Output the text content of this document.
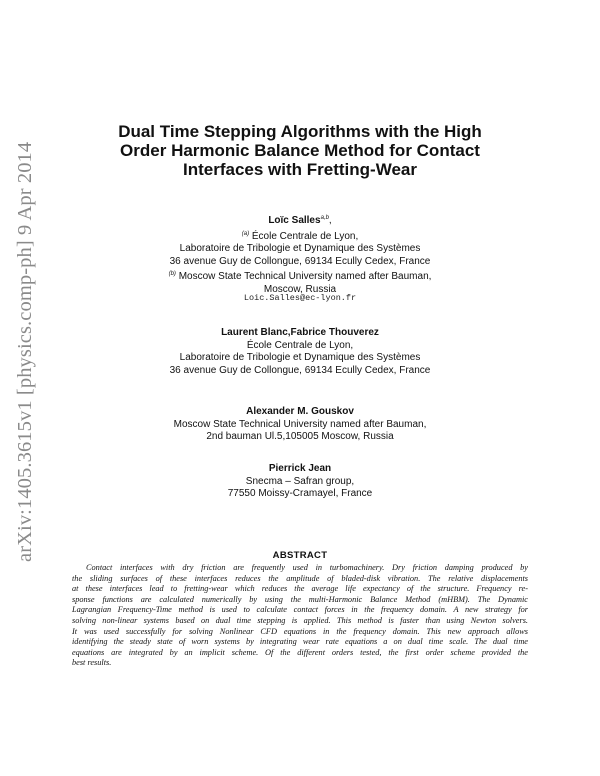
arXiv:1405.3615v1 [physics.comp-ph] 9 Apr 2014
Dual Time Stepping Algorithms with the High
Order Harmonic Balance Method for Contact
Interfaces with Fretting-Wear
Loïc Salles$^{a,b}$,
$^{(a)}$ École Centrale de Lyon,
Laboratoire de Tribologie et Dynamique des Systèmes
36 avenue Guy de Collongue, 69134 Ecully Cedex, France
$^{(b)}$ Moscow State Technical University named after Bauman,
Moscow, Russia
Loic.Salles@ec-lyon.fr
Laurent Blanc,Fabrice Thouverez
École Centrale de Lyon,
Laboratoire de Tribologie et Dynamique des Systèmes
36 avenue Guy de Collongue, 69134 Ecully Cedex, France
Alexander M. Gouskov
Moscow State Technical University named after Bauman,
2nd bauman Ul.5,105005 Moscow, Russia
Pierrick Jean
Snecma – Safran group,
77550 Moissy-Cramayel, France
ABSTRACT
Contact interfaces with dry friction are frequently used in turbomachinery. Dry friction damping produced by
the sliding surfaces of these interfaces reduces the amplitude of bladed-disk vibration. The relative displacements
at these interfaces lead to fretting-wear which reduces the average life expectancy of the structure. Frequency re-
sponse functions are calculated numerically by using the multi-Harmonic Balance Method (mHBM). The Dynamic
Lagrangian Frequency-Time method is used to calculate contact forces in the frequency domain. A new strategy for
solving non-linear systems based on dual time stepping is applied. This method is faster than using Newton solvers.
It was used successfully for solving Nonlinear CFD equations in the frequency domain. This new approach allows
identifying the steady state of worn systems by integrating wear rate equations a on dual time scale. The dual time
equations are integrated by an implicit scheme. Of the different orders tested, the first order scheme provided the
best results.
